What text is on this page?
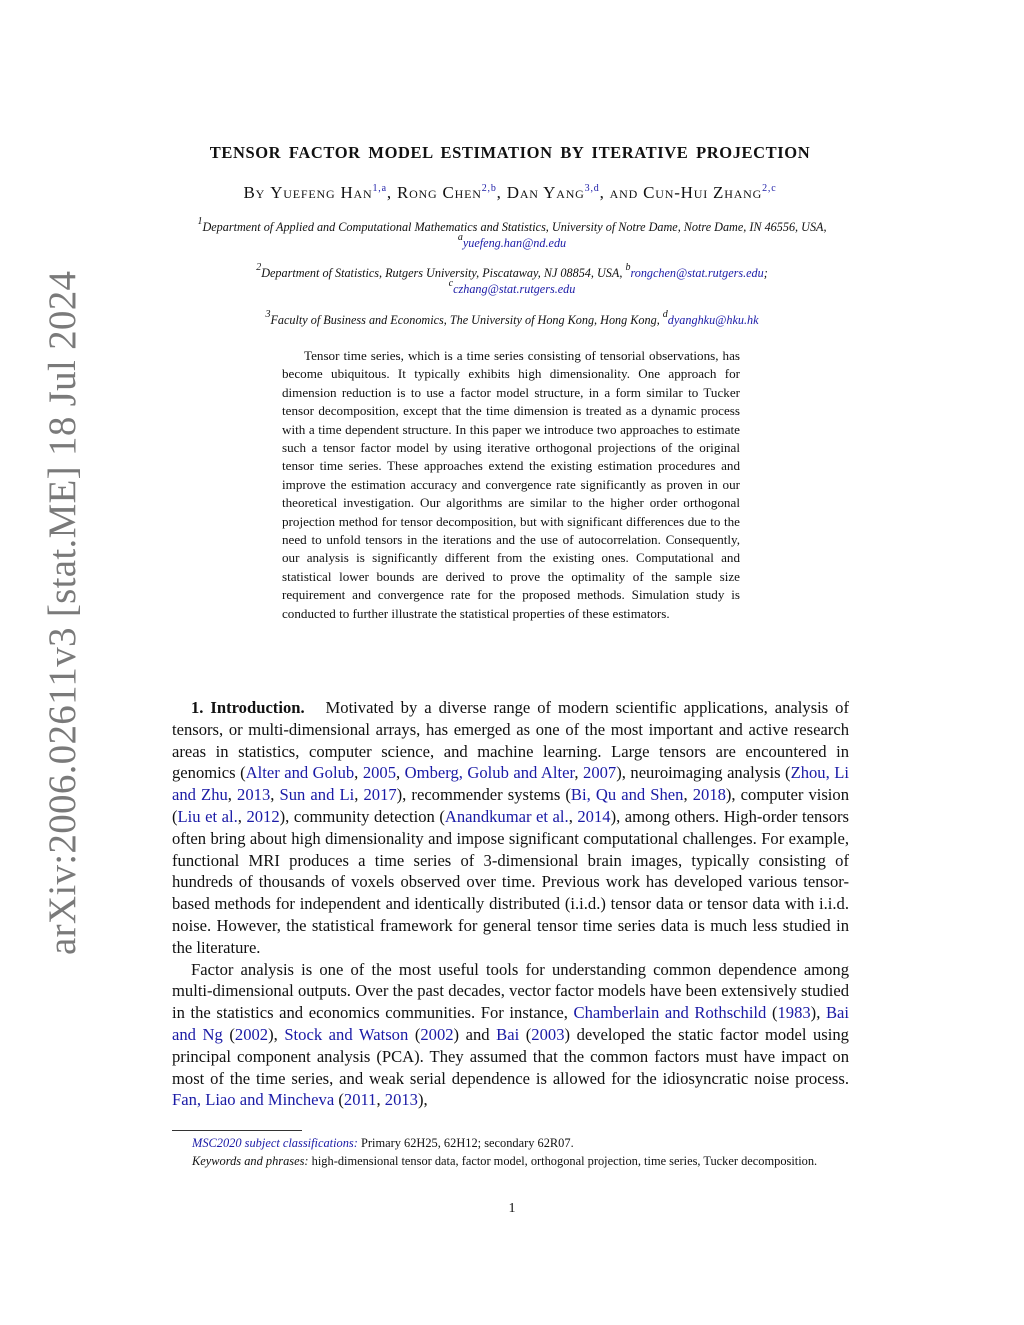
arXiv:2006.02611v3 [stat.ME] 18 Jul 2024
TENSOR FACTOR MODEL ESTIMATION BY ITERATIVE PROJECTION
By Yuefeng Han$^{1,a}$, Rong Chen$^{2,b}$, Dan Yang$^{3,d}$, and Cun-Hui Zhang$^{2,c}$
$^1$Department of Applied and Computational Mathematics and Statistics, University of Notre Dame, Notre Dame, IN 46556, USA, $^a$yuefeng.han@nd.edu
$^2$Department of Statistics, Rutgers University, Piscataway, NJ 08854, USA, $^b$rongchen@stat.rutgers.edu;
$^c$czhang@stat.rutgers.edu
$^3$Faculty of Business and Economics, The University of Hong Kong, Hong Kong, $^d$dyanghku@hku.hk

Tensor time series, which is a time series consisting of tensorial observations, has become ubiquitous. It typically exhibits high dimensionality. One approach for dimension reduction is to use a factor model structure, in a form similar to Tucker tensor decomposition, except that the time dimension is treated as a dynamic process with a time dependent structure. In this paper we introduce two approaches to estimate such a tensor factor model by using iterative orthogonal projections of the original tensor time series. These approaches extend the existing estimation procedures and improve the estimation accuracy and convergence rate significantly as proven in our theoretical investigation. Our algorithms are similar to the higher order orthogonal projection method for tensor decomposition, but with significant differences due to the need to unfold tensors in the iterations and the use of autocorrelation. Consequently, our analysis is significantly different from the existing ones. Computational and statistical lower bounds are derived to prove the optimality of the sample size requirement and convergence rate for the proposed methods. Simulation study is conducted to further illustrate the statistical properties of these estimators.

1. Introduction. Motivated by a diverse range of modern scientific applications, analysis of tensors, or multi-dimensional arrays, has emerged as one of the most important and active research areas in statistics, computer science, and machine learning. Large tensors are encountered in genomics (Alter and Golub, 2005, Omberg, Golub and Alter, 2007), neuroimaging analysis (Zhou, Li and Zhu, 2013, Sun and Li, 2017), recommender systems (Bi, Qu and Shen, 2018), computer vision (Liu et al., 2012), community detection (Anandkumar et al., 2014), among others. High-order tensors often bring about high dimensionality and impose significant computational challenges. For example, functional MRI produces a time series of 3-dimensional brain images, typically consisting of hundreds of thousands of voxels observed over time. Previous work has developed various tensor-based methods for independent and identically distributed (i.i.d.) tensor data or tensor data with i.i.d. noise. However, the statistical framework for general tensor time series data is much less studied in the literature.

Factor analysis is one of the most useful tools for understanding common dependence among multi-dimensional outputs. Over the past decades, vector factor models have been extensively studied in the statistics and economics communities. For instance, Chamberlain and Rothschild (1983), Bai and Ng (2002), Stock and Watson (2002) and Bai (2003) developed the static factor model using principal component analysis (PCA). They assumed that the common factors must have impact on most of the time series, and weak serial dependence is allowed for the idiosyncratic noise process. Fan, Liao and Mincheva (2011, 2013),

MSC2020 subject classifications: Primary 62H25, 62H12; secondary 62R07.

Keywords and phrases: high-dimensional tensor data, factor model, orthogonal projection, time series, Tucker decomposition.

1
